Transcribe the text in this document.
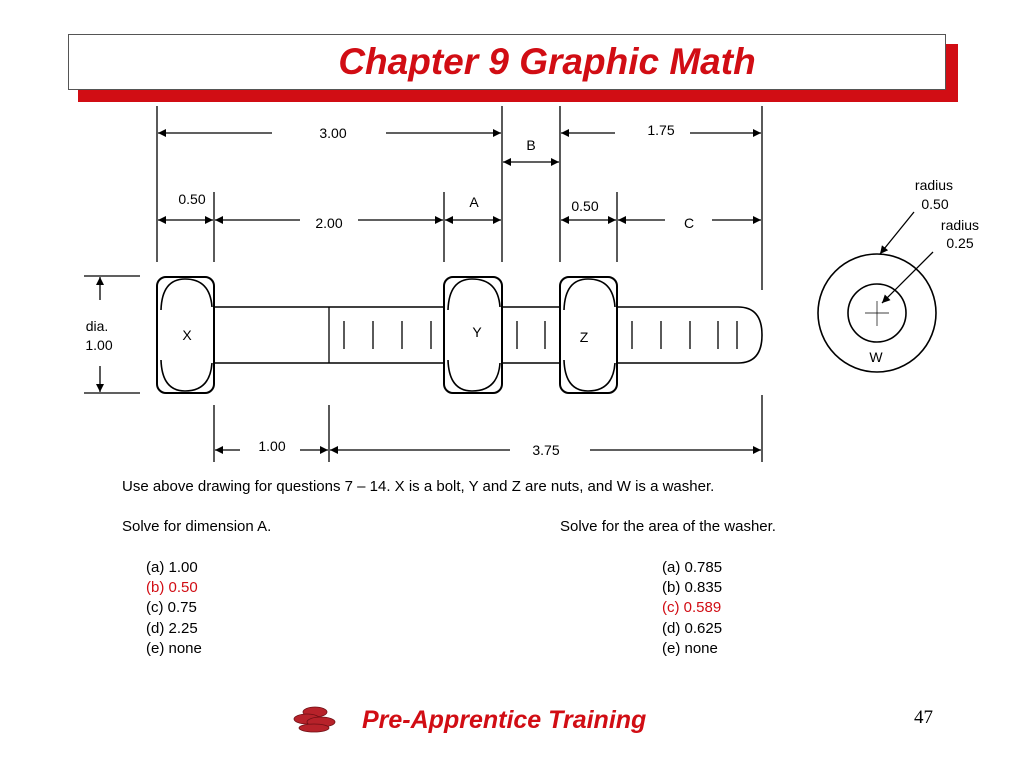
Chapter 9 Graphic Math
3.00
B
1.75
0.50	A	0.50
2.00	C
dia.
1.00
X	Y	Z
W
1.00	3.75
radius
0.50
radius
0.25
Use above drawing for questions 7 – 14. X is a bolt, Y and Z are nuts, and W is a washer.
Solve for dimension A.
(a) 1.00
(b) 0.50
(c) 0.75
(d) 2.25
(e) none
Solve for the area of the washer.
(a) 0.785
(b) 0.835
(c) 0.589
(d) 0.625
(e) none
Pre-Apprentice Training	47
